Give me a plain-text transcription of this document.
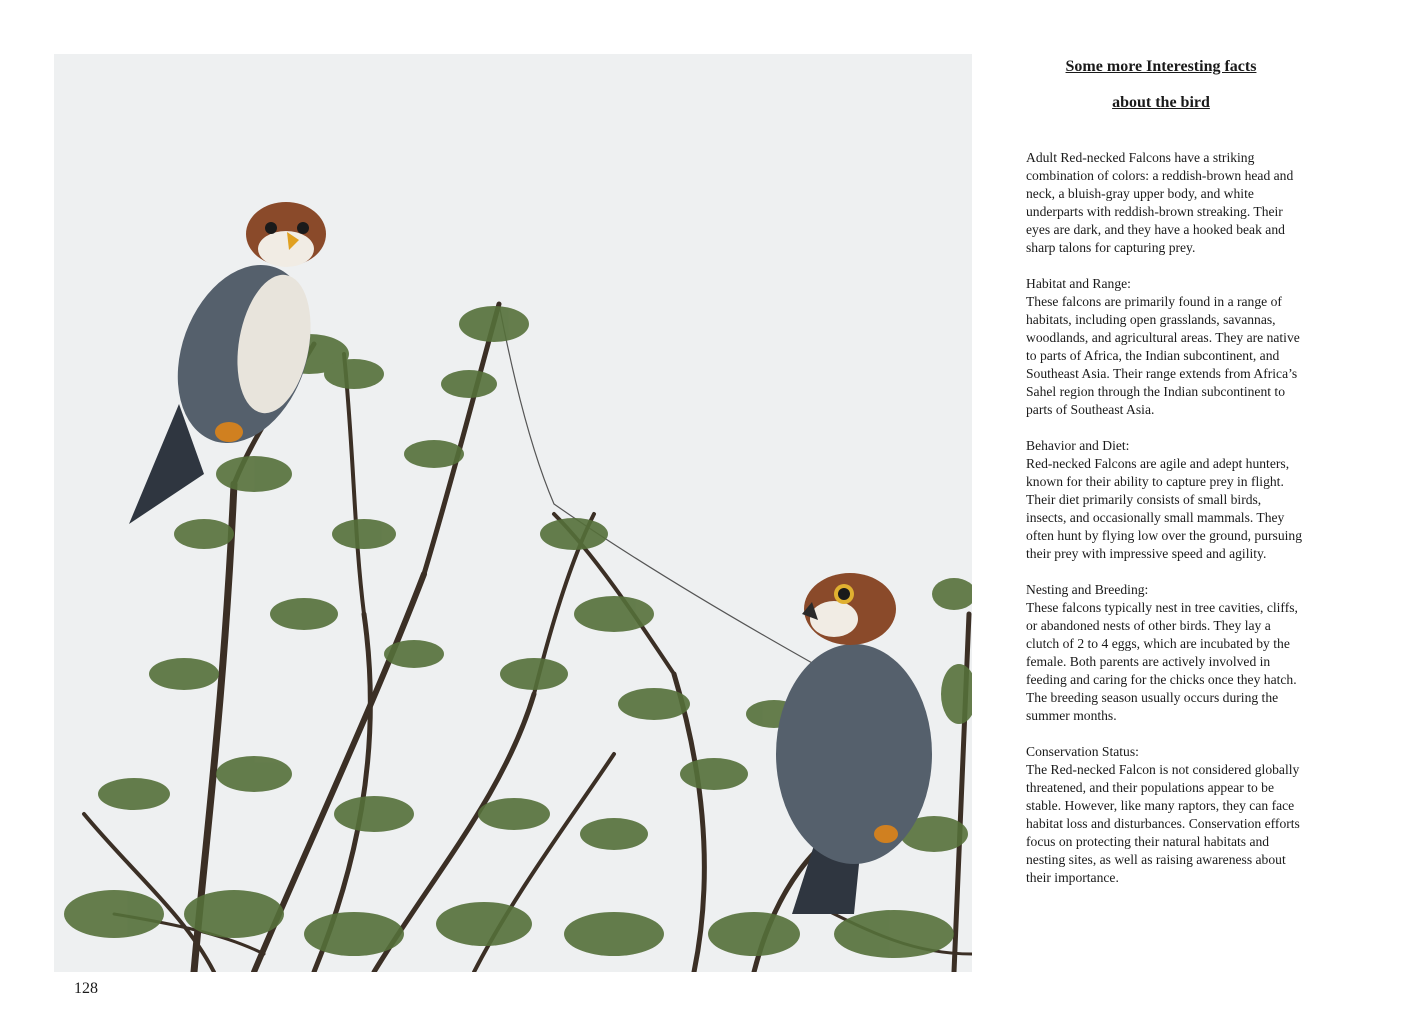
128
Some more Interesting facts
about the bird

Adult Red-necked Falcons have a striking combination of colors: a reddish-brown head and neck, a bluish-gray upper body, and white underparts with reddish-brown streaking. Their eyes are dark, and they have a hooked beak and sharp talons for capturing prey.

Habitat and Range:

These falcons are primarily found in a range of habitats, including open grasslands, savannas, woodlands, and agricultural areas. They are native to parts of Africa, the Indian subcontinent, and Southeast Asia. Their range extends from Africa’s Sahel region through the Indian subcontinent to parts of Southeast Asia.

Behavior and Diet:

Red-necked Falcons are agile and adept hunters, known for their ability to capture prey in flight. Their diet primarily consists of small birds, insects, and occasionally small mammals. They often hunt by flying low over the ground, pursuing their prey with impressive speed and agility.

Nesting and Breeding:

These falcons typically nest in tree cavities, cliffs, or abandoned nests of other birds. They lay a clutch of 2 to 4 eggs, which are incubated by the female. Both parents are actively involved in feeding and caring for the chicks once they hatch. The breeding season usually occurs during the summer months.

Conservation Status:

The Red-necked Falcon is not considered globally threatened, and their populations appear to be stable. However, like many raptors, they can face habitat loss and disturbances. Conservation efforts focus on protecting their natural habitats and nesting sites, as well as raising awareness about their importance.
